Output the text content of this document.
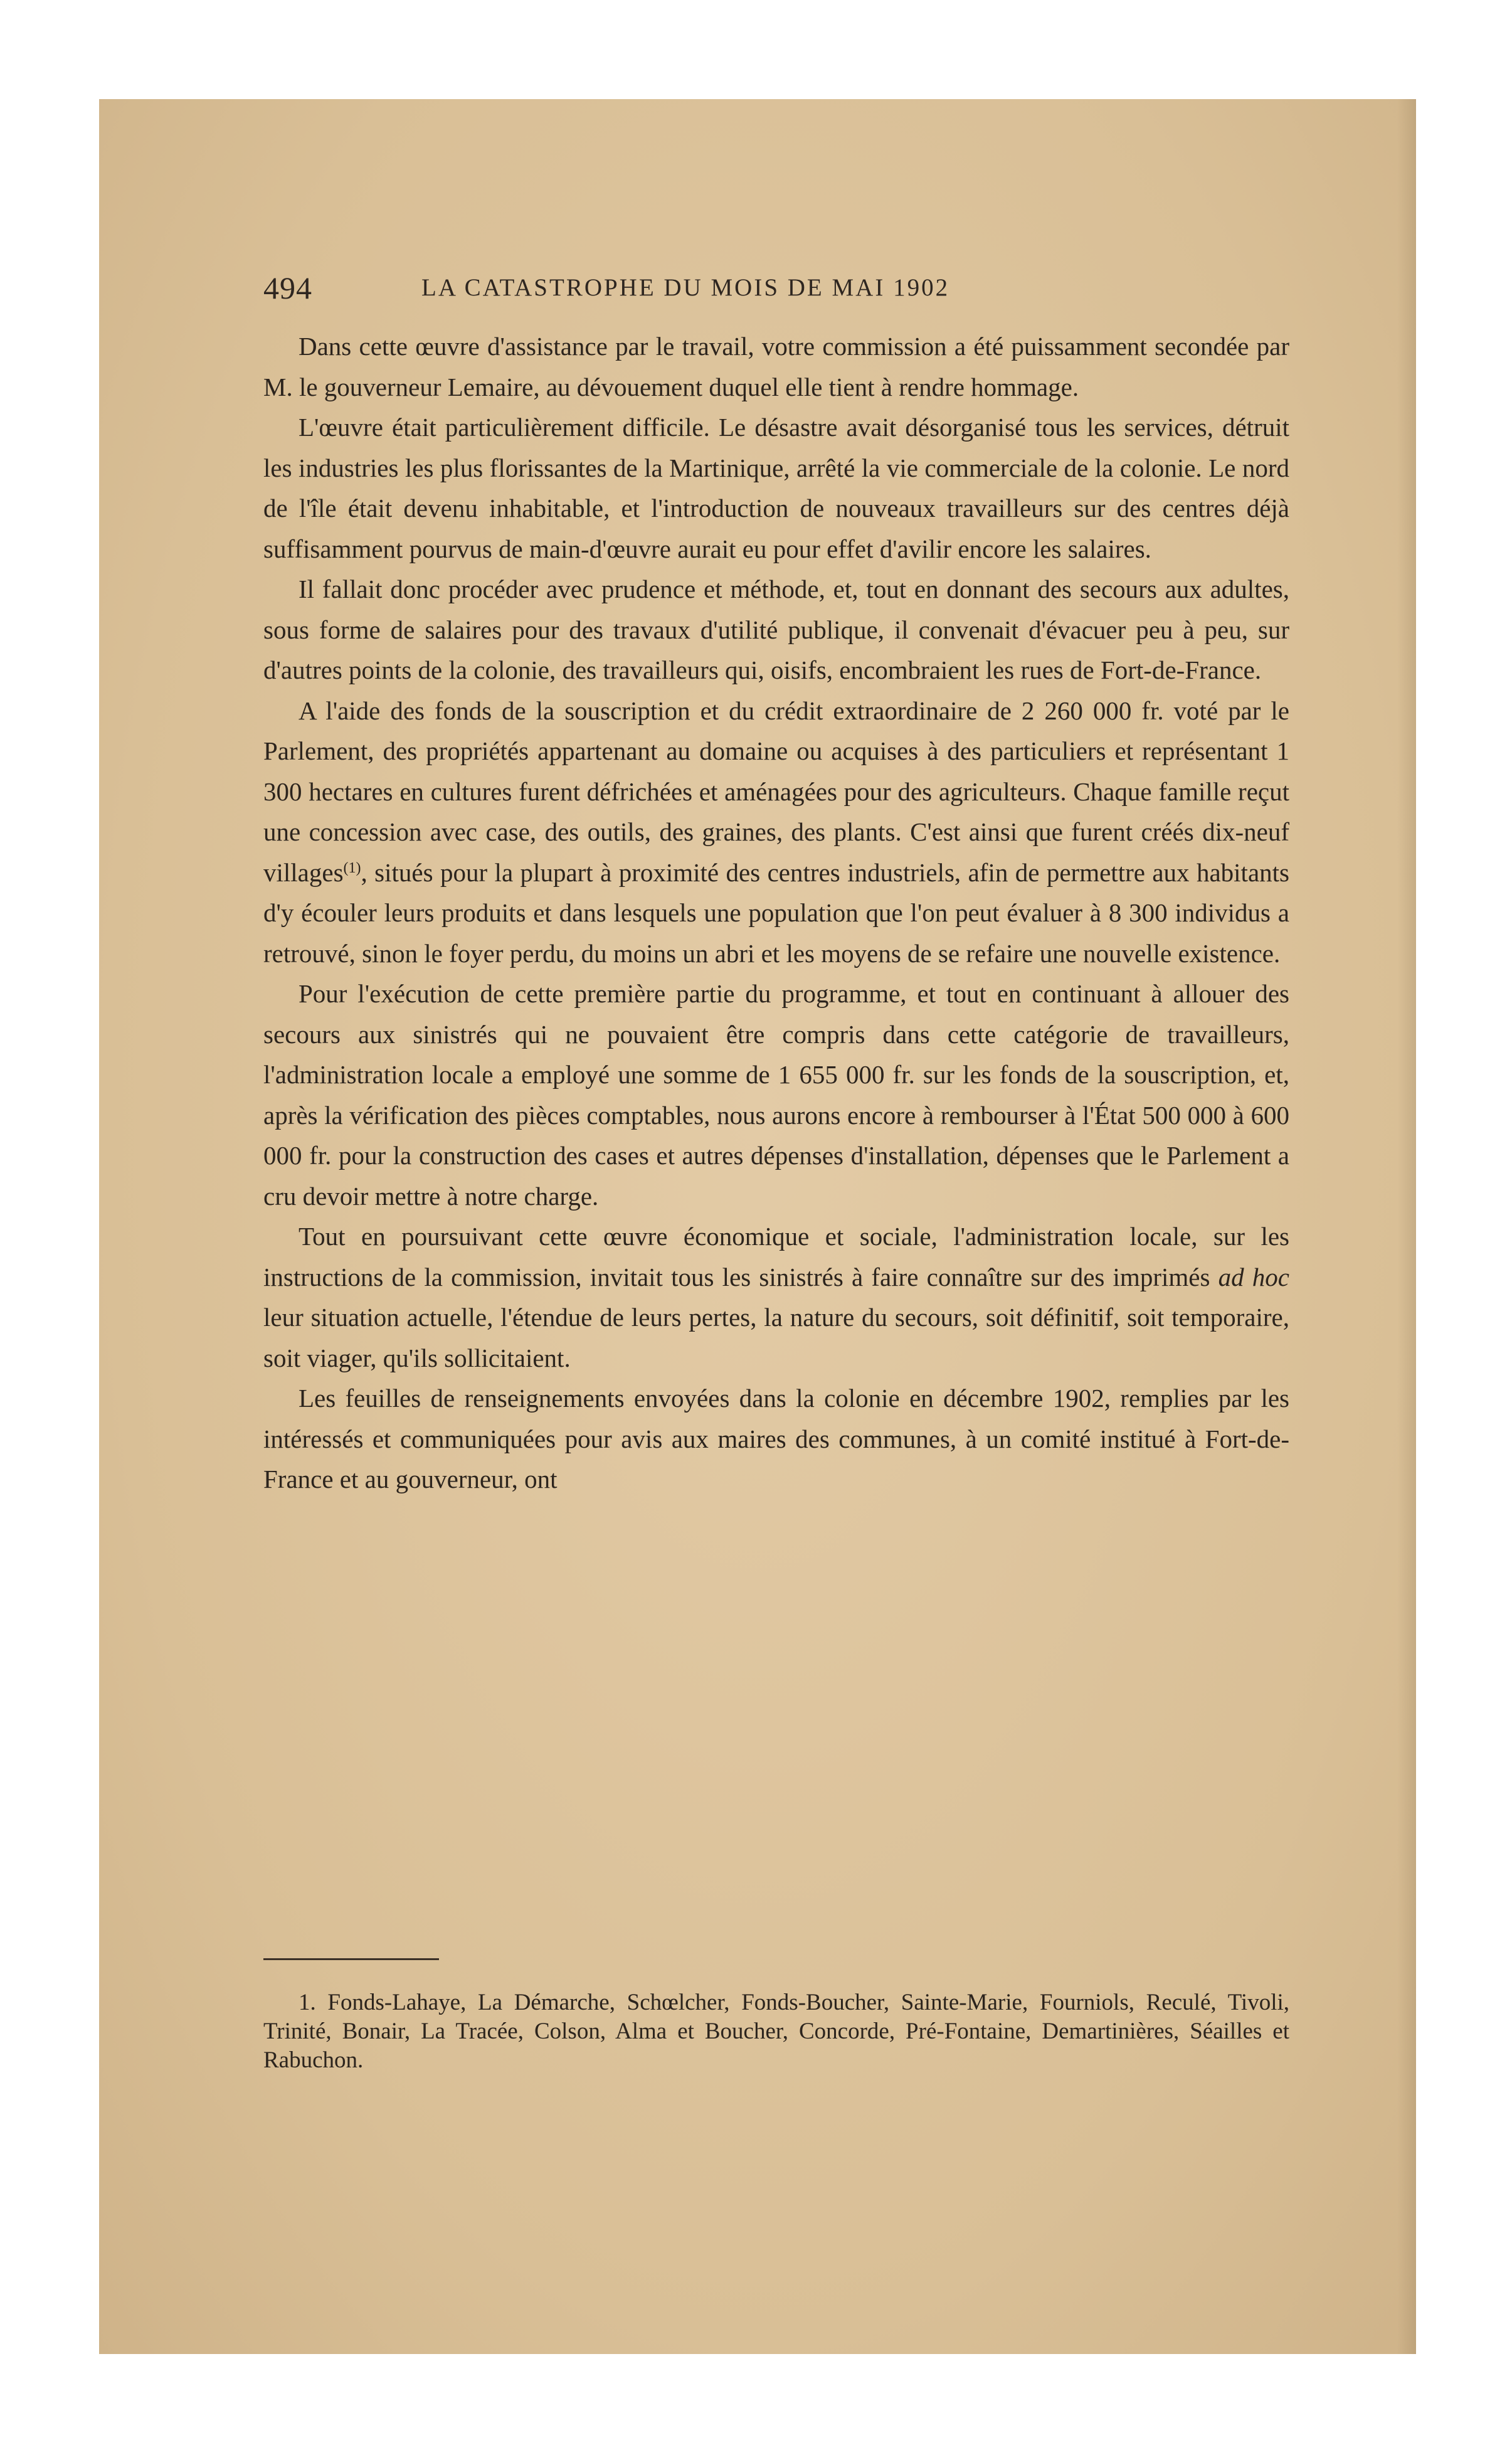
494	LA CATASTROPHE DU MOIS DE MAI 1902

Dans cette œuvre d'assistance par le travail, votre commission a été puissamment secondée par M. le gouverneur Lemaire, au dévouement duquel elle tient à rendre hommage.

L'œuvre était particulièrement difficile. Le désastre avait désorganisé tous les services, détruit les industries les plus florissantes de la Martinique, arrêté la vie commerciale de la colonie. Le nord de l'île était devenu inhabitable, et l'introduction de nouveaux travailleurs sur des centres déjà suffisamment pourvus de main-d'œuvre aurait eu pour effet d'avilir encore les salaires.

Il fallait donc procéder avec prudence et méthode, et, tout en donnant des secours aux adultes, sous forme de salaires pour des travaux d'utilité publique, il convenait d'évacuer peu à peu, sur d'autres points de la colonie, des travailleurs qui, oisifs, encombraient les rues de Fort-de-France.

A l'aide des fonds de la souscription et du crédit extraordinaire de 2 260 000 fr. voté par le Parlement, des propriétés appartenant au domaine ou acquises à des particuliers et représentant 1 300 hectares en cultures furent défrichées et aménagées pour des agriculteurs. Chaque famille reçut une concession avec case, des outils, des graines, des plants. C'est ainsi que furent créés dix-neuf villages$^{(1)}$, situés pour la plupart à proximité des centres industriels, afin de permettre aux habitants d'y écouler leurs produits et dans lesquels une population que l'on peut évaluer à 8 300 individus a retrouvé, sinon le foyer perdu, du moins un abri et les moyens de se refaire une nouvelle existence.

Pour l'exécution de cette première partie du programme, et tout en continuant à allouer des secours aux sinistrés qui ne pouvaient être compris dans cette catégorie de travailleurs, l'administration locale a employé une somme de 1 655 000 fr. sur les fonds de la souscription, et, après la vérification des pièces comptables, nous aurons encore à rembourser à l'État 500 000 à 600 000 fr. pour la construction des cases et autres dépenses d'installation, dépenses que le Parlement a cru devoir mettre à notre charge.

Tout en poursuivant cette œuvre économique et sociale, l'administration locale, sur les instructions de la commission, invitait tous les sinistrés à faire connaître sur des imprimés ad hoc leur situation actuelle, l'étendue de leurs pertes, la nature du secours, soit définitif, soit temporaire, soit viager, qu'ils sollicitaient.

Les feuilles de renseignements envoyées dans la colonie en décembre 1902, remplies par les intéressés et communiquées pour avis aux maires des communes, à un comité institué à Fort-de-France et au gouverneur, ont

1. Fonds-Lahaye, La Démarche, Schœlcher, Fonds-Boucher, Sainte-Marie, Fourniols, Reculé, Tivoli, Trinité, Bonair, La Tracée, Colson, Alma et Boucher, Concorde, Pré-Fontaine, Demartinières, Séailles et Rabuchon.
